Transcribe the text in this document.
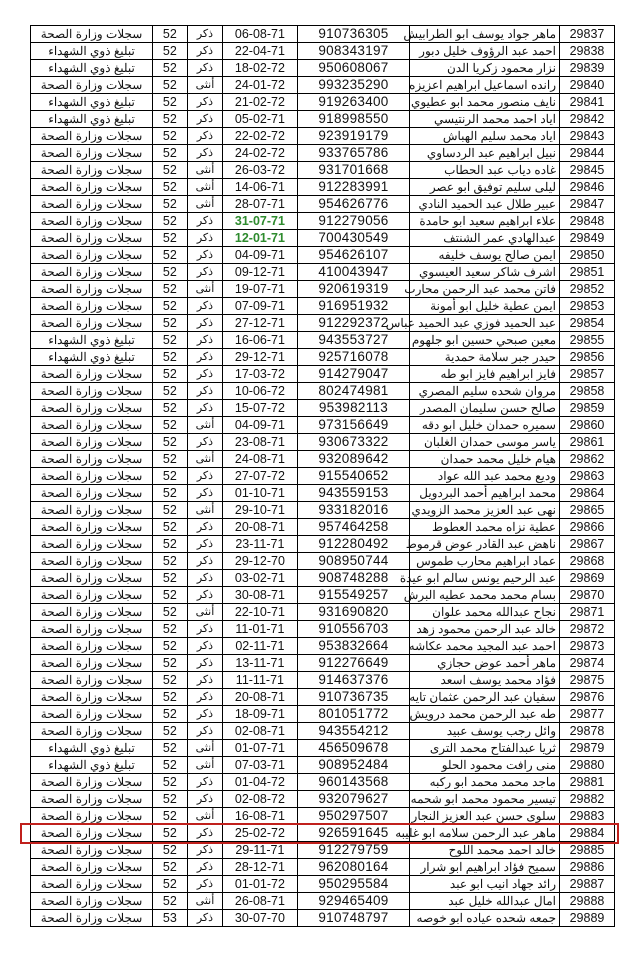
سجلات وزارة الصحة	52	ذكر	06-08-71	910736305	ماهر جواد يوسف ابو الطرابيش	29837
تبليغ ذوي الشهداء	52	ذكر	22-04-71	908343197	احمد عبد الرؤوف خليل دبور	29838
تبليغ ذوي الشهداء	52	ذكر	18-02-72	950608067	نزار محمود زكريا الدن	29839
سجلات وزارة الصحة	52	أنثى	24-01-72	993235290	رانده اسماعيل ابراهيم اعزيزه	29840
تبليغ ذوي الشهداء	52	ذكر	21-02-72	919263400	نايف منصور محمد ابو عطيوي	29841
تبليغ ذوي الشهداء	52	ذكر	05-02-71	918998550	اياد احمد محمد الرنتيسي	29842
سجلات وزارة الصحة	52	ذكر	22-02-72	923919179	اياد محمد سليم الهباش	29843
سجلات وزارة الصحة	52	ذكر	24-02-72	933765786	نبيل ابراهيم عبد الردساوي	29844
سجلات وزارة الصحة	52	أنثى	26-03-72	931701668	غاده دياب عبد الحطاب	29845
سجلات وزارة الصحة	52	أنثى	14-06-71	912283991	ليلى سليم توفيق ابو عصر	29846
سجلات وزارة الصحة	52	أنثى	28-07-71	954626776	عبير طلال عبد الحميد النادي	29847
سجلات وزارة الصحة	52	ذكر	31-07-71	912279056	علاء ابراهيم سعيد ابو حامدة	29848
سجلات وزارة الصحة	52	ذكر	12-01-71	700430549	عبدالهادي عمر الشنتف	29849
سجلات وزارة الصحة	52	ذكر	04-09-71	954626107	ايمن صالح يوسف خليفه	29850
سجلات وزارة الصحة	52	ذكر	09-12-71	410043947	اشرف شاكر سعيد العيسوي	29851
سجلات وزارة الصحة	52	أنثى	19-07-71	920619319	فاتن محمد عبد الرحمن محارب	29852
سجلات وزارة الصحة	52	ذكر	07-09-71	916951932	ايمن عطية خليل ابو أمونة	29853
سجلات وزارة الصحة	52	ذكر	27-12-71	912292372	عبد الحميد فوزي عبد الحميد عباس	29854
تبليغ ذوي الشهداء	52	ذكر	16-06-71	943553727	معين صبحي حسين ابو جلهوم	29855
تبليغ ذوي الشهداء	52	ذكر	29-12-71	925716078	حيدر جبر سلامة حمدية	29856
سجلات وزارة الصحة	52	ذكر	17-03-72	914279047	فايز ابراهيم فايز ابو طه	29857
سجلات وزارة الصحة	52	ذكر	10-06-72	802474981	مروان شحده سليم المصري	29858
سجلات وزارة الصحة	52	ذكر	15-07-72	953982113	صالح حسن سليمان المصدر	29859
سجلات وزارة الصحة	52	أنثى	04-09-71	973156649	سميره حمدان خليل ابو دقه	29860
سجلات وزارة الصحة	52	ذكر	23-08-71	930673322	ياسر موسى حمدان الغلبان	29861
سجلات وزارة الصحة	52	أنثى	24-08-71	932089642	هيام خليل محمد حمدان	29862
سجلات وزارة الصحة	52	ذكر	27-07-72	915540652	وديع محمد عبد الله عواد	29863
سجلات وزارة الصحة	52	ذكر	01-10-71	943559153	محمد ابراهيم أحمد البردويل	29864
سجلات وزارة الصحة	52	أنثى	29-10-71	933182016	نهى عبد العزيز محمد الزويدي	29865
سجلات وزارة الصحة	52	ذكر	20-08-71	957464258	عطية نزاه محمد العطوط	29866
سجلات وزارة الصحة	52	ذكر	23-11-71	912280492	ناهض عبد القادر عوض قرموط	29867
سجلات وزارة الصحة	52	ذكر	29-12-70	908950744	عماد ابراهيم محارب طموس	29868
سجلات وزارة الصحة	52	ذكر	03-02-71	908748288	عبد الرحيم يونس سالم ابو عيدة	29869
سجلات وزارة الصحة	52	ذكر	30-08-71	915549257	بسام محمد محمد عطيه البرش	29870
سجلات وزارة الصحة	52	أنثى	22-10-71	931690820	نجاح عبدالله محمد علوان	29871
سجلات وزارة الصحة	52	ذكر	11-01-71	910556703	خالد عبد الرحمن محمود زهد	29872
سجلات وزارة الصحة	52	ذكر	02-11-71	953832664	احمد عبد المجيد محمد عكاشه	29873
سجلات وزارة الصحة	52	ذكر	13-11-71	912276649	ماهر أحمد عوض حجازي	29874
سجلات وزارة الصحة	52	ذكر	11-11-71	914637376	فؤاد محمد يوسف اسعد	29875
سجلات وزارة الصحة	52	ذكر	20-08-71	910736735	سفيان عبد الرحمن عثمان تايه	29876
سجلات وزارة الصحة	52	ذكر	18-09-71	801051772	طه عبد الرحمن محمد درويش	29877
سجلات وزارة الصحة	52	ذكر	02-08-71	943554212	وائل رجب يوسف عبيد	29878
تبليغ ذوي الشهداء	52	أنثى	01-07-71	456509678	ثريا عبدالفتاح محمد الترى	29879
تبليغ ذوي الشهداء	52	أنثى	07-03-71	908952484	منى رافت محمود الحلو	29880
سجلات وزارة الصحة	52	ذكر	01-04-72	960143568	ماجد محمد محمد ابو ركبه	29881
سجلات وزارة الصحة	52	ذكر	02-08-72	932079627	تيسير محمود محمد ابو شحمه	29882
سجلات وزارة الصحة	52	أنثى	16-08-71	950297507	سلوى حسن عبد العزيز النجار	29883
سجلات وزارة الصحة	52	ذكر	25-02-72	926591645	ماهر عبد الرحمن سلامه ابو غليبه	29884
سجلات وزارة الصحة	52	ذكر	29-11-71	912279759	خالد أحمد محمد اللوح	29885
سجلات وزارة الصحة	52	ذكر	28-12-71	962080164	سميح فؤاد ابراهيم ابو شرار	29886
سجلات وزارة الصحة	52	ذكر	01-01-72	950295584	رائد جهاد انيب ابو عبد	29887
سجلات وزارة الصحة	52	أنثى	26-08-71	929465409	امال عبدالله خليل عبد	29888
سجلات وزارة الصحة	53	ذكر	30-07-70	910748797	جمعه شحده عياده ابو خوصه	29889
